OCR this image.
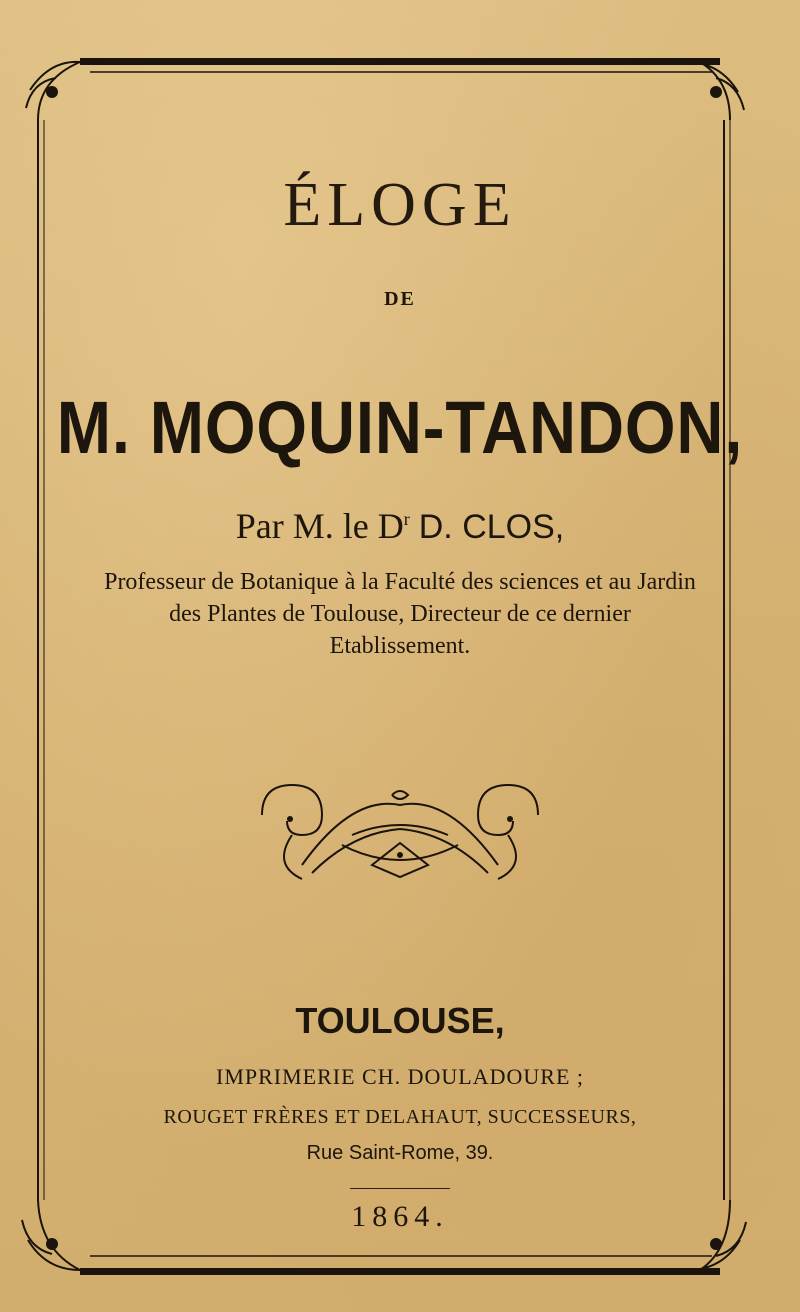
ÉLOGE
DE
M. MOQUIN-TANDON,
Par M. le $D^r$ D. CLOS,
Professeur de Botanique à la Faculté des sciences et au Jardin des Plantes de Toulouse, Directeur de ce dernier Etablissement.
TOULOUSE,
IMPRIMERIE CH. DOULADOURE ;
ROUGET FRÈRES ET DELAHAUT, SUCCESSEURS,
Rue Saint-Rome, 39.
1864.
